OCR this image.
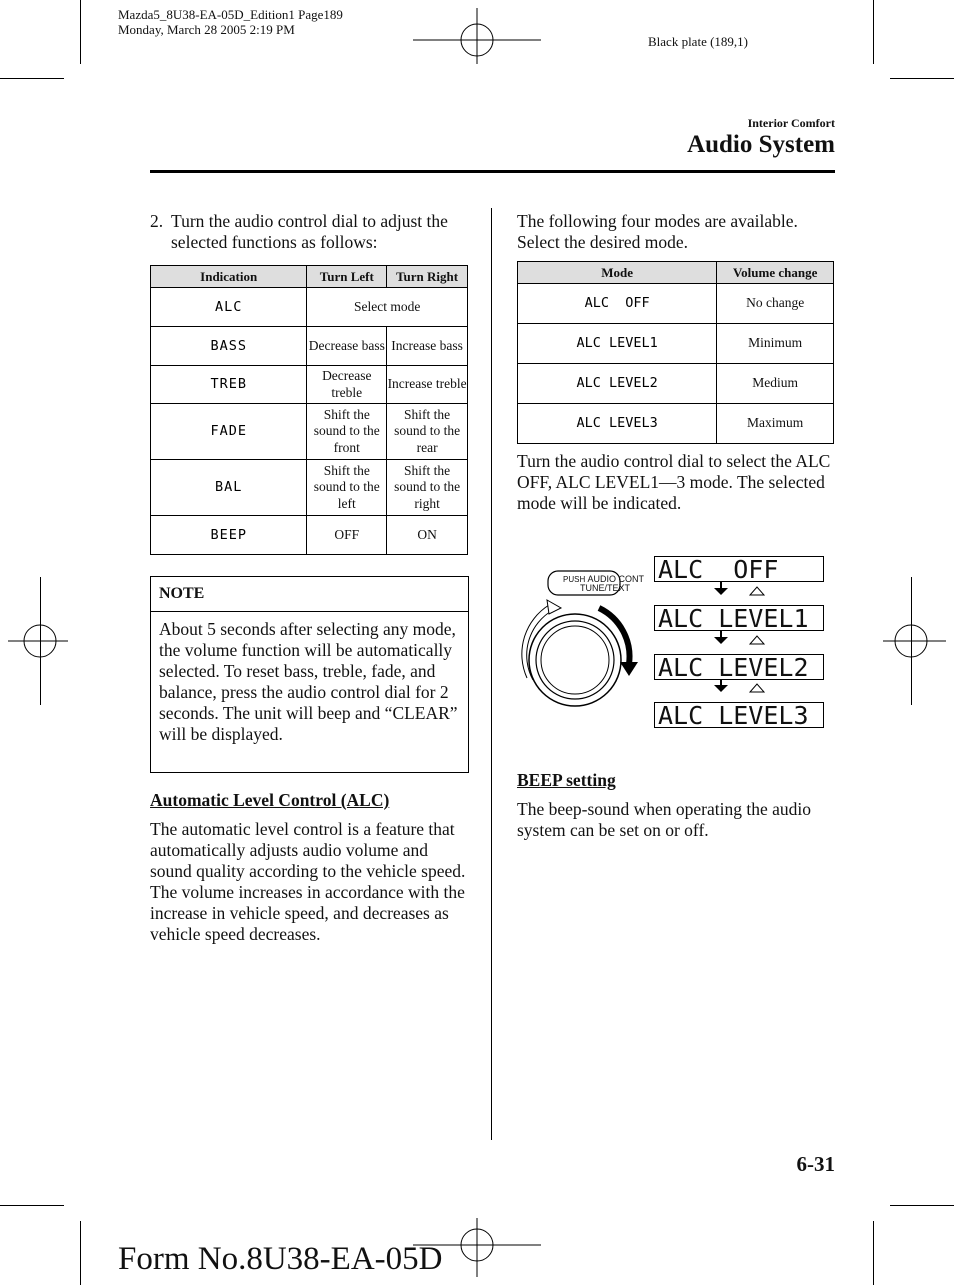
Mazda5_8U38-EA-05D_Edition1 Page189
Monday, March 28 2005 2:19 PM
Black plate (189,1)
Interior Comfort
Audio System
2. Turn the audio control dial to adjust the selected functions as follows:
Indication	Turn Left	Turn Right
ALC	Select mode	
BASS	Decrease bass	Increase bass
TREB	Decrease treble	Increase treble
FADE	Shift the sound to the front	Shift the sound to the rear
BAL	Shift the sound to the left	Shift the sound to the right
BEEP	OFF	ON
NOTE
About 5 seconds after selecting any mode, the volume function will be automatically selected. To reset bass, treble, fade, and balance, press the audio control dial for 2 seconds. The unit will beep and “CLEAR” will be displayed.
Automatic Level Control (ALC)
The automatic level control is a feature that automatically adjusts audio volume and sound quality according to the vehicle speed.
The volume increases in accordance with the increase in vehicle speed, and decreases as vehicle speed decreases.
The following four modes are available. Select the desired mode.
Mode	Volume change
ALC  OFF	No change
ALC LEVEL1	Minimum
ALC LEVEL2	Medium
ALC LEVEL3	Maximum
Turn the audio control dial to select the ALC OFF, ALC LEVEL1―3 mode. The selected mode will be indicated.
PUSH AUDIO CONT
TUNE/TEXT
ALC  OFF
ALC LEVEL1
ALC LEVEL2
ALC LEVEL3
BEEP setting
The beep-sound when operating the audio system can be set on or off.
6-31
Form No.8U38-EA-05D
